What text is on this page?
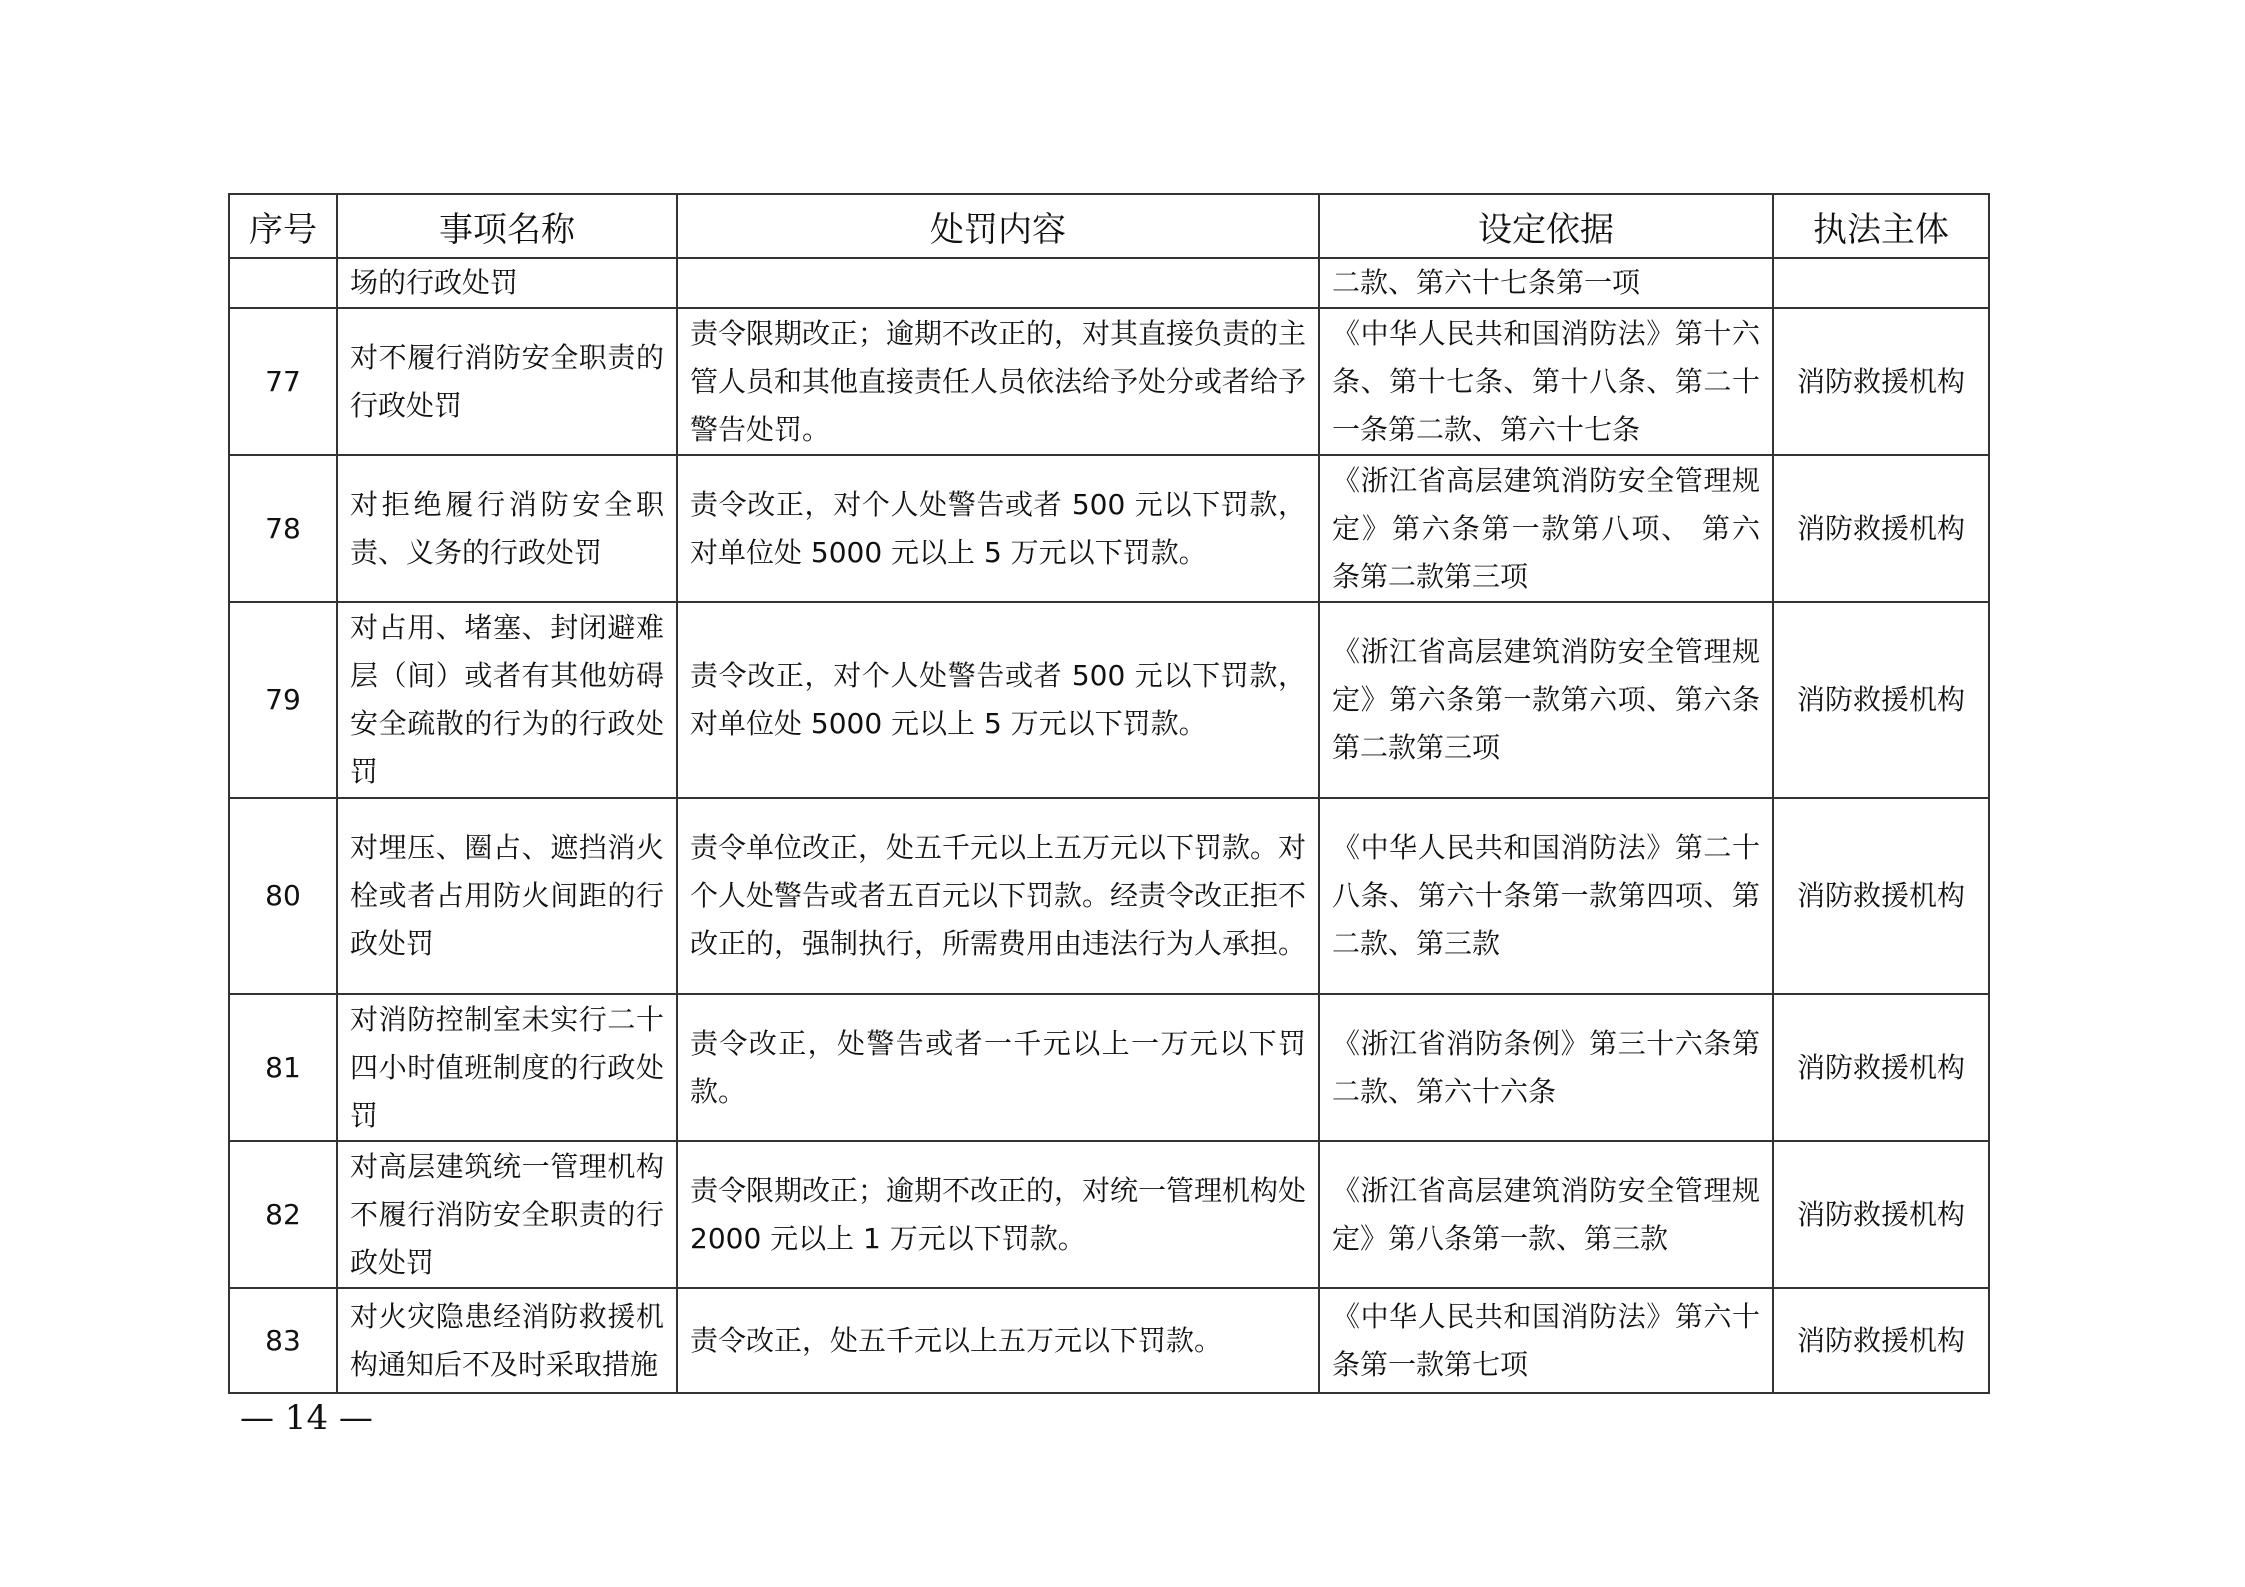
序号	事项名称	处罚内容	设定依据	执法主体
	场的行政处罚		二款、第六十七条第一项	
77	对不履行消防安全职责的行政处罚	责令限期改正；逾期不改正的，对其直接负责的主管人员和其他直接责任人员依法给予处分或者给予警告处罚。	《中华人民共和国消防法》第十六条、第十七条、第十八条、第二十一条第二款、第六十七条	消防救援机构
78	对拒绝履行消防安全职责、义务的行政处罚	责令改正，对个人处警告或者 500 元以下罚款，对单位处 5000 元以上 5 万元以下罚款。	《浙江省高层建筑消防安全管理规定》第六条第一款第八项、 第六条第二款第三项	消防救援机构
79	对占用、堵塞、封闭避难层（间）或者有其他妨碍安全疏散的行为的行政处罚	责令改正，对个人处警告或者 500 元以下罚款，对单位处 5000 元以上 5 万元以下罚款。	《浙江省高层建筑消防安全管理规定》第六条第一款第六项、第六条第二款第三项	消防救援机构
80	对埋压、圈占、遮挡消火栓或者占用防火间距的行政处罚	责令单位改正，处五千元以上五万元以下罚款。对个人处警告或者五百元以下罚款。经责令改正拒不改正的，强制执行，所需费用由违法行为人承担。	《中华人民共和国消防法》第二十八条、第六十条第一款第四项、第二款、第三款	消防救援机构
81	对消防控制室未实行二十四小时值班制度的行政处罚	责令改正，处警告或者一千元以上一万元以下罚款。	《浙江省消防条例》第三十六条第二款、第六十六条	消防救援机构
82	对高层建筑统一管理机构不履行消防安全职责的行政处罚	责令限期改正；逾期不改正的，对统一管理机构处 2000 元以上 1 万元以下罚款。	《浙江省高层建筑消防安全管理规定》第八条第一款、第三款	消防救援机构
83	对火灾隐患经消防救援机构通知后不及时采取措施	责令改正，处五千元以上五万元以下罚款。	《中华人民共和国消防法》第六十条第一款第七项	消防救援机构
— 14 —
